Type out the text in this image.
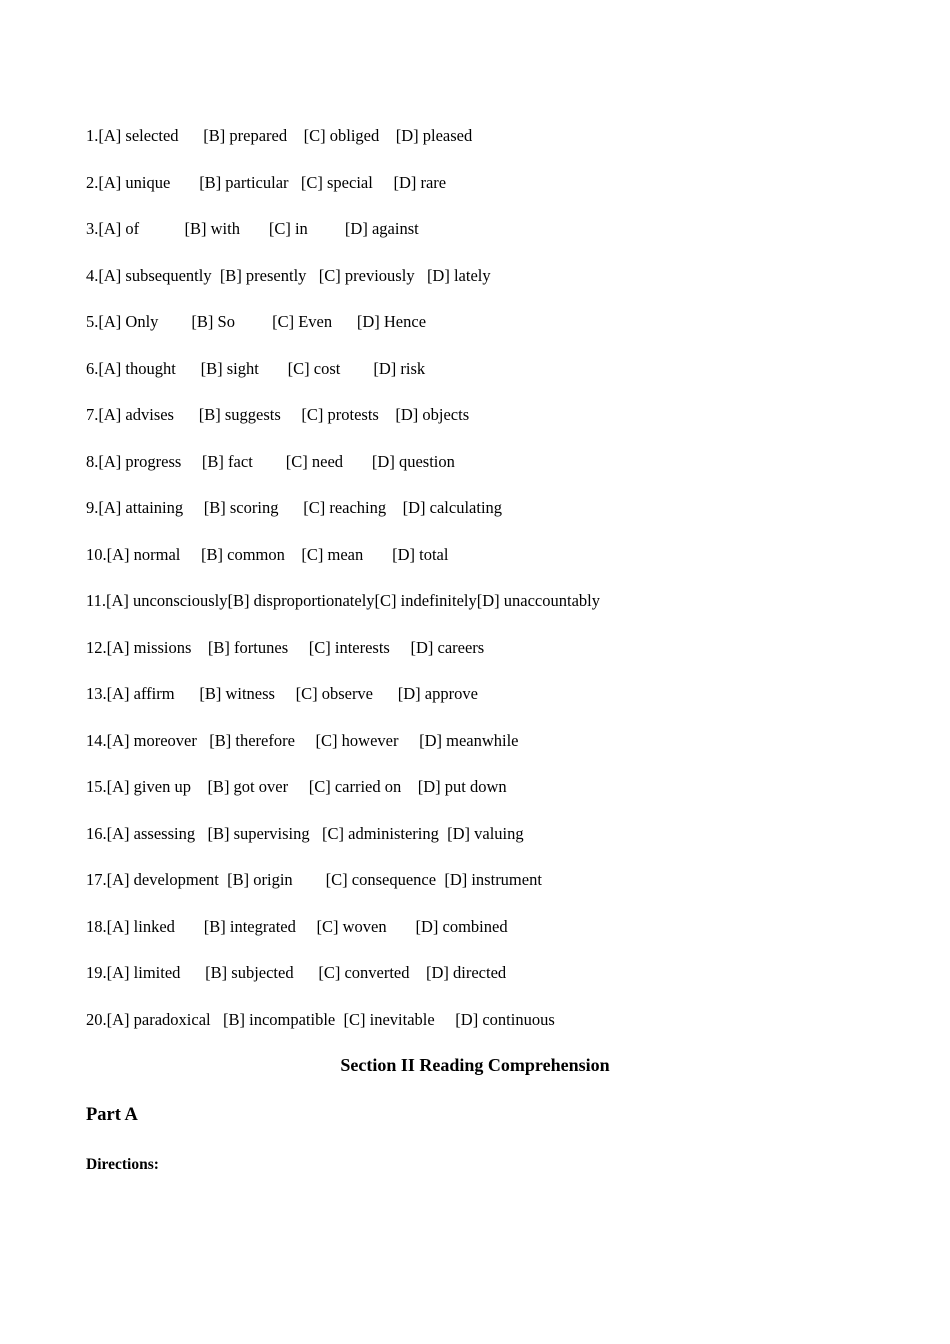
1.[A] selected      [B] prepared    [C] obliged    [D] pleased
2.[A] unique       [B] particular   [C] special     [D] rare
3.[A] of           [B] with       [C] in         [D] against
4.[A] subsequently  [B] presently   [C] previously   [D] lately
5.[A] Only        [B] So         [C] Even      [D] Hence
6.[A] thought      [B] sight       [C] cost        [D] risk
7.[A] advises      [B] suggests     [C] protests    [D] objects
8.[A] progress     [B] fact        [C] need       [D] question
9.[A] attaining     [B] scoring      [C] reaching    [D] calculating
10.[A] normal     [B] common    [C] mean       [D] total
11.[A] unconsciously[B] disproportionately[C] indefinitely[D] unaccountably
12.[A] missions    [B] fortunes     [C] interests     [D] careers
13.[A] affirm      [B] witness     [C] observe      [D] approve
14.[A] moreover   [B] therefore     [C] however     [D] meanwhile
15.[A] given up    [B] got over     [C] carried on    [D] put down
16.[A] assessing   [B] supervising   [C] administering  [D] valuing
17.[A] development  [B] origin        [C] consequence  [D] instrument
18.[A] linked       [B] integrated     [C] woven       [D] combined
19.[A] limited      [B] subjected      [C] converted    [D] directed
20.[A] paradoxical   [B] incompatible  [C] inevitable     [D] continuous
Section II Reading Comprehension
Part A
Directions:
